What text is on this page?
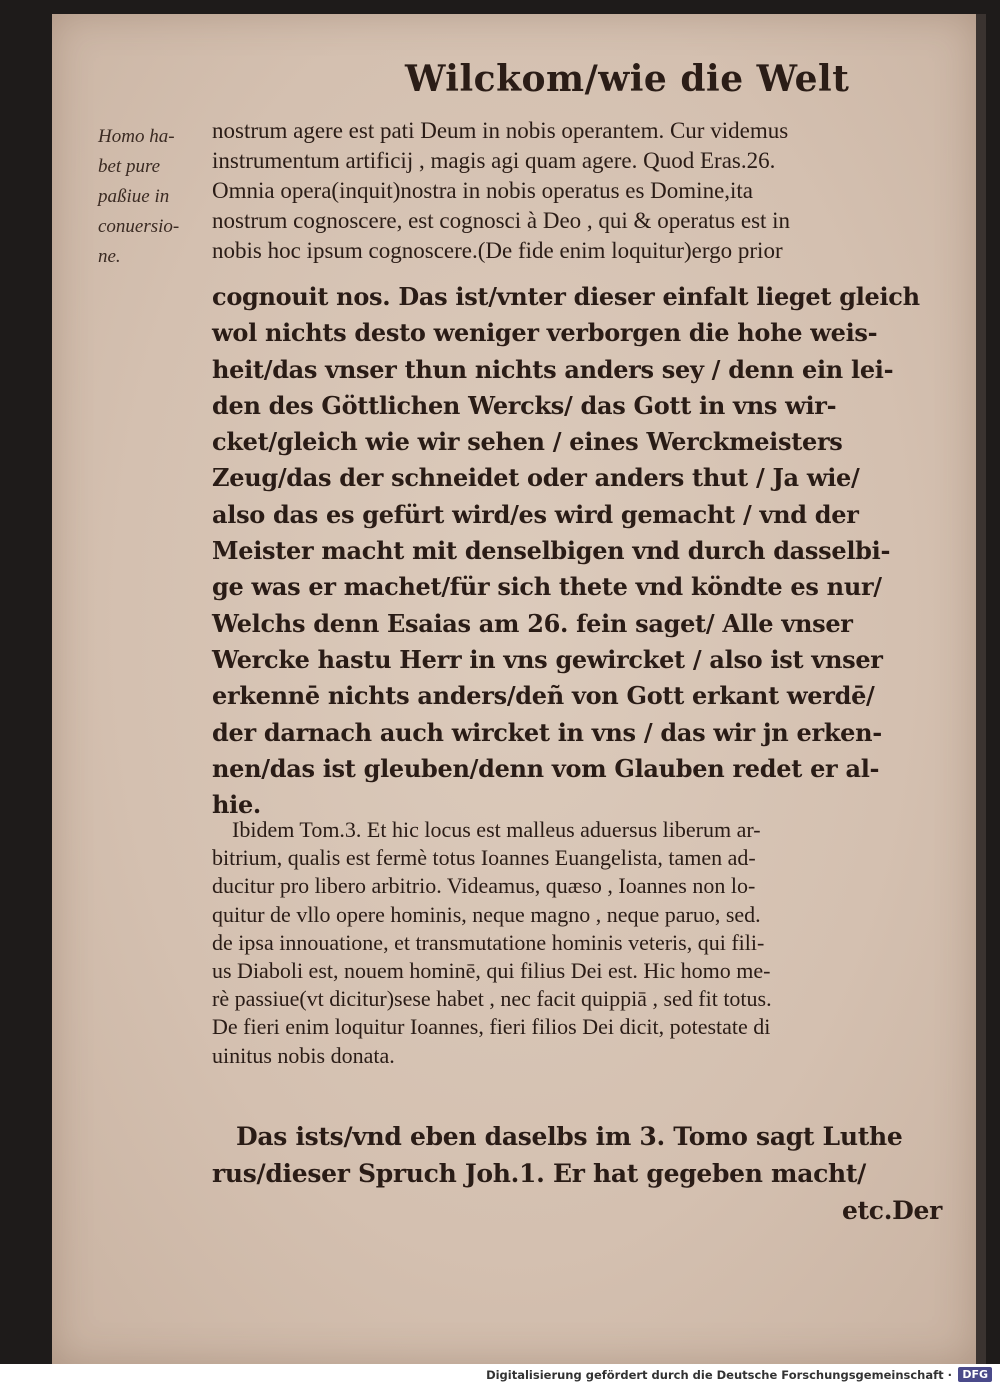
Wilckom/wie die Welt
Homo ha-
bet pure
paßiue in
conuersio-
ne.
nostrum agere est pati Deum in nobis operantem. Cur videmus
instrumentum artificij , magis agi quam agere. Quod Eras.26.
Omnia opera(inquit)nostra in nobis operatus es Domine,ita
nostrum cognoscere, est cognosci à Deo , qui & operatus est in
nobis hoc ipsum cognoscere.(De fide enim loquitur)ergo prior
cognouit nos. Das ist/vnter dieser einfalt lieget gleich
wol nichts desto weniger verborgen die hohe weis-
heit/das vnser thun nichts anders sey / denn ein lei-
den des Göttlichen Wercks/ das Gott in vns wir-
cket/gleich wie wir sehen / eines Werckmeisters
Zeug/das der schneidet oder anders thut / Ja wie/
also das es gefürt wird/es wird gemacht / vnd der
Meister macht mit denselbigen vnd durch dasselbi-
ge was er machet/für sich thete vnd köndte es nur/
Welchs denn Esaias am 26. fein saget/ Alle vnser
Wercke hastu Herr in vns gewircket / also ist vnser
erkennē nichts anders/deñ von Gott erkant werdē/
der darnach auch wircket in vns / das wir jn erken-
nen/das ist gleuben/denn vom Glauben redet er al-
hie.
Ibidem Tom.3. Et hic locus est malleus aduersus liberum ar-
bitrium, qualis est fermè totus Ioannes Euangelista, tamen ad-
ducitur pro libero arbitrio. Videamus, quæso , Ioannes non lo-
quitur de vllo opere hominis, neque magno , neque paruo, sed.
de ipsa innouatione, et transmutatione hominis veteris, qui fili-
us Diaboli est, nouem hominē, qui filius Dei est. Hic homo me-
rè passiue(vt dicitur)sese habet , nec facit quippiā , sed fit totus.
De fieri enim loquitur Ioannes, fieri filios Dei dicit, potestate di
uinitus nobis donata.
Das ists/vnd eben daselbs im 3. Tomo sagt Luthe
rus/dieser Spruch Joh.1. Er hat gegeben macht/
etc.Der
Digitalisierung gefördert durch die Deutsche Forschungsgemeinschaft · DFG
